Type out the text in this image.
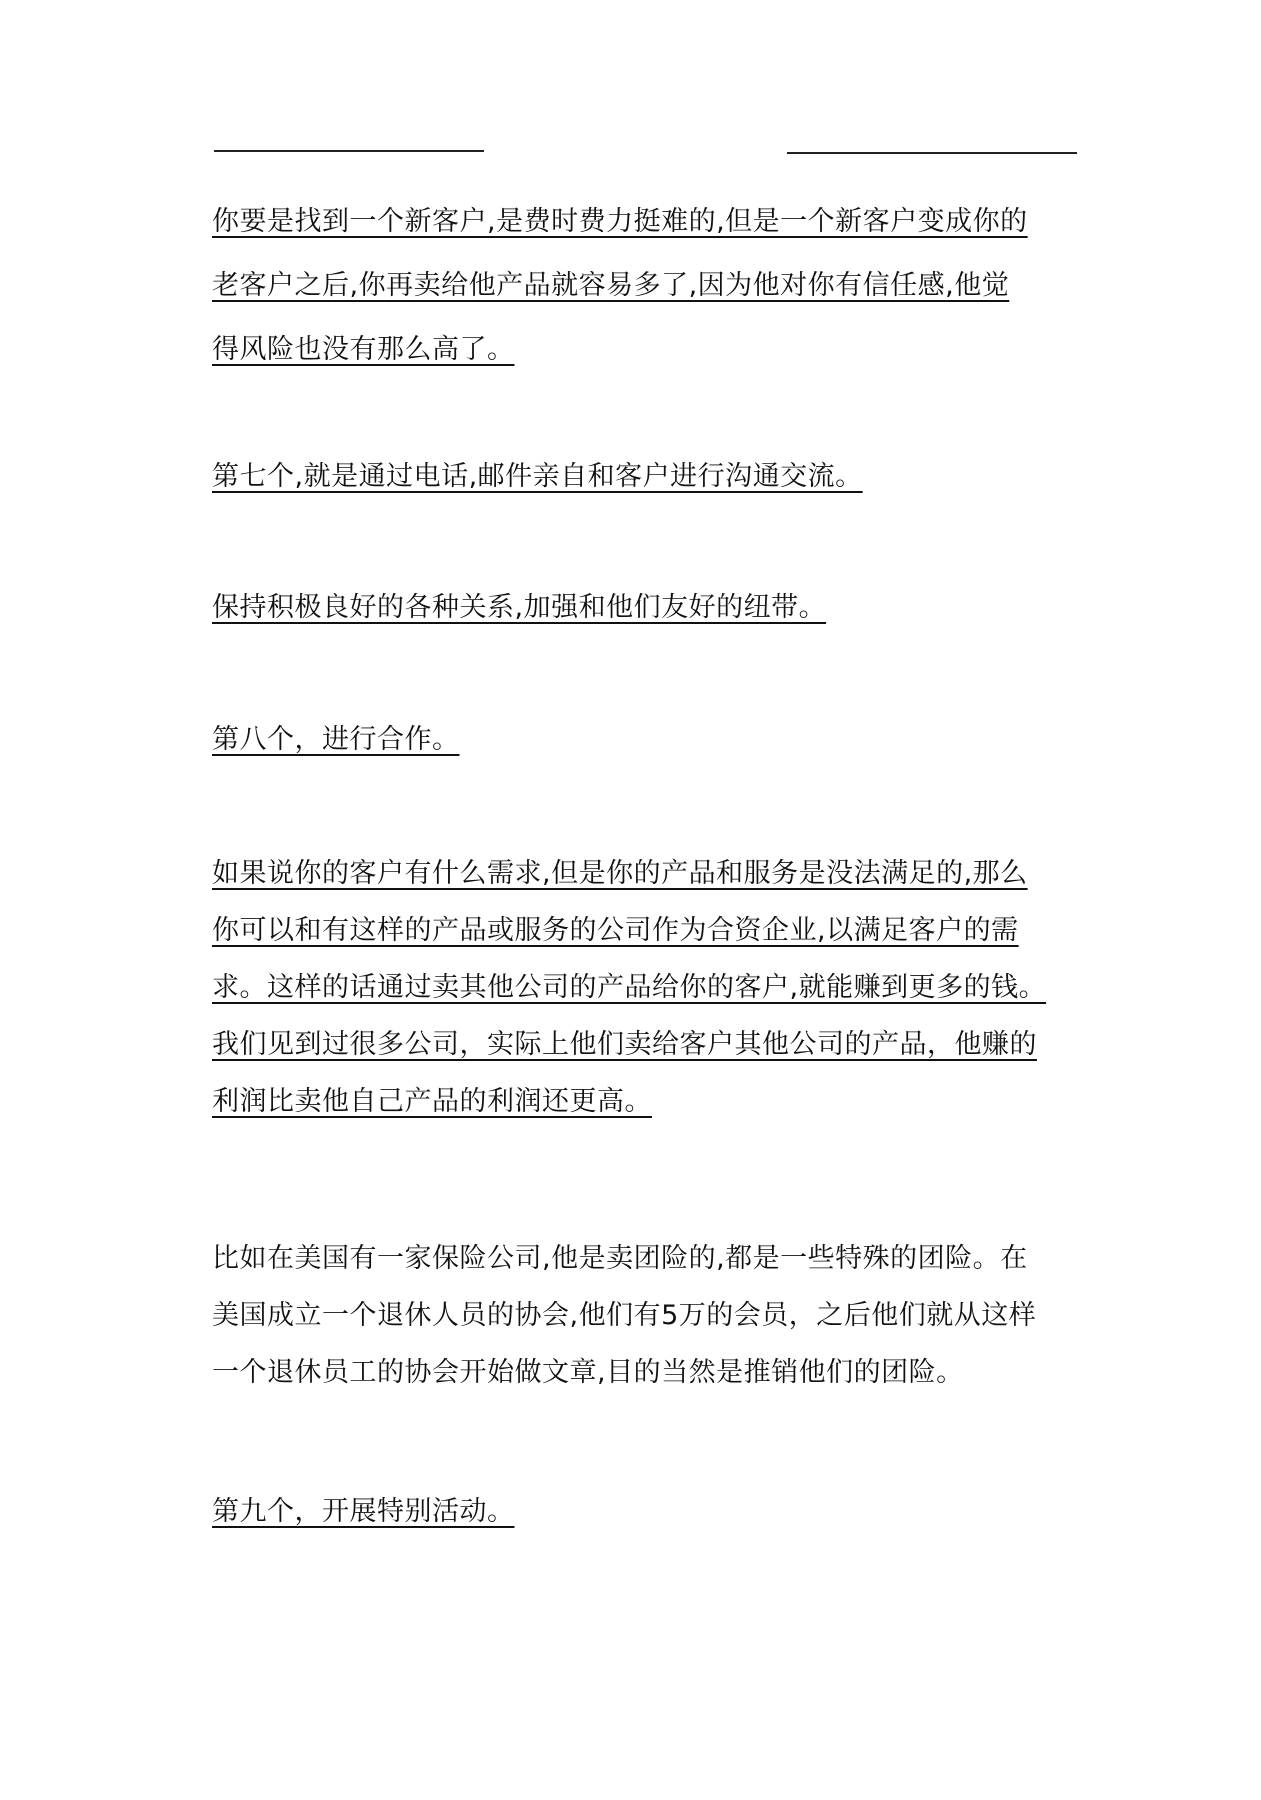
你要是找到一个新客户,是费时费力挺难的,但是一个新客户变成你的
老客户之后,你再卖给他产品就容易多了,因为他对你有信任感,他觉
得风险也没有那么高了。
第七个,就是通过电话,邮件亲自和客户进行沟通交流。
保持积极良好的各种关系,加强和他们友好的纽带。
第八个，进行合作。
如果说你的客户有什么需求,但是你的产品和服务是没法满足的,那么
你可以和有这样的产品或服务的公司作为合资企业,以满足客户的需
求。这样的话通过卖其他公司的产品给你的客户,就能赚到更多的钱。
我们见到过很多公司，实际上他们卖给客户其他公司的产品，他赚的
利润比卖他自己产品的利润还更高。
比如在美国有一家保险公司,他是卖团险的,都是一些特殊的团险。在
美国成立一个退休人员的协会,他们有5万的会员，之后他们就从这样
一个退休员工的协会开始做文章,目的当然是推销他们的团险。
第九个，开展特别活动。
